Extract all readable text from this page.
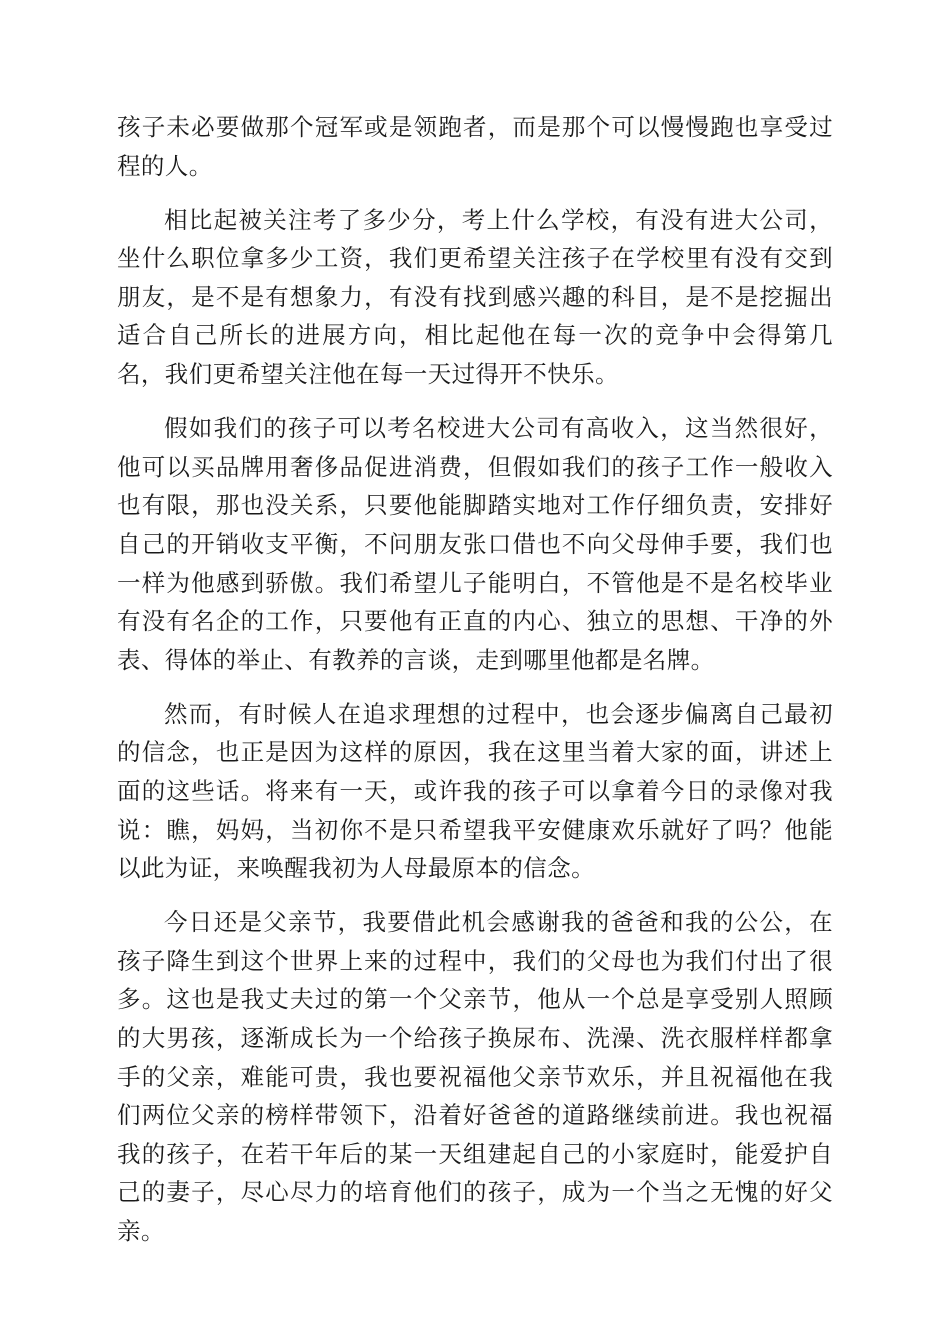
孩子未必要做那个冠军或是领跑者，而是那个可以慢慢跑也享受过程的人。

相比起被关注考了多少分，考上什么学校，有没有进大公司，坐什么职位拿多少工资，我们更希望关注孩子在学校里有没有交到朋友，是不是有想象力，有没有找到感兴趣的科目，是不是挖掘出适合自己所长的进展方向，相比起他在每一次的竞争中会得第几名，我们更希望关注他在每一天过得开不快乐。

假如我们的孩子可以考名校进大公司有高收入，这当然很好，他可以买品牌用奢侈品促进消费，但假如我们的孩子工作一般收入也有限，那也没关系，只要他能脚踏实地对工作仔细负责，安排好自己的开销收支平衡，不问朋友张口借也不向父母伸手要，我们也一样为他感到骄傲。我们希望儿子能明白，不管他是不是名校毕业有没有名企的工作，只要他有正直的内心、独立的思想、干净的外表、得体的举止、有教养的言谈，走到哪里他都是名牌。

然而，有时候人在追求理想的过程中，也会逐步偏离自己最初的信念，也正是因为这样的原因，我在这里当着大家的面，讲述上面的这些话。将来有一天，或许我的孩子可以拿着今日的录像对我说：瞧，妈妈，当初你不是只希望我平安健康欢乐就好了吗？他能以此为证，来唤醒我初为人母最原本的信念。

今日还是父亲节，我要借此机会感谢我的爸爸和我的公公，在孩子降生到这个世界上来的过程中，我们的父母也为我们付出了很多。这也是我丈夫过的第一个父亲节，他从一个总是享受别人照顾的大男孩，逐渐成长为一个给孩子换尿布、洗澡、洗衣服样样都拿手的父亲，难能可贵，我也要祝福他父亲节欢乐，并且祝福他在我们两位父亲的榜样带领下，沿着好爸爸的道路继续前进。我也祝福我的孩子，在若干年后的某一天组建起自己的小家庭时，能爱护自己的妻子，尽心尽力的培育他们的孩子，成为一个当之无愧的好父亲。
